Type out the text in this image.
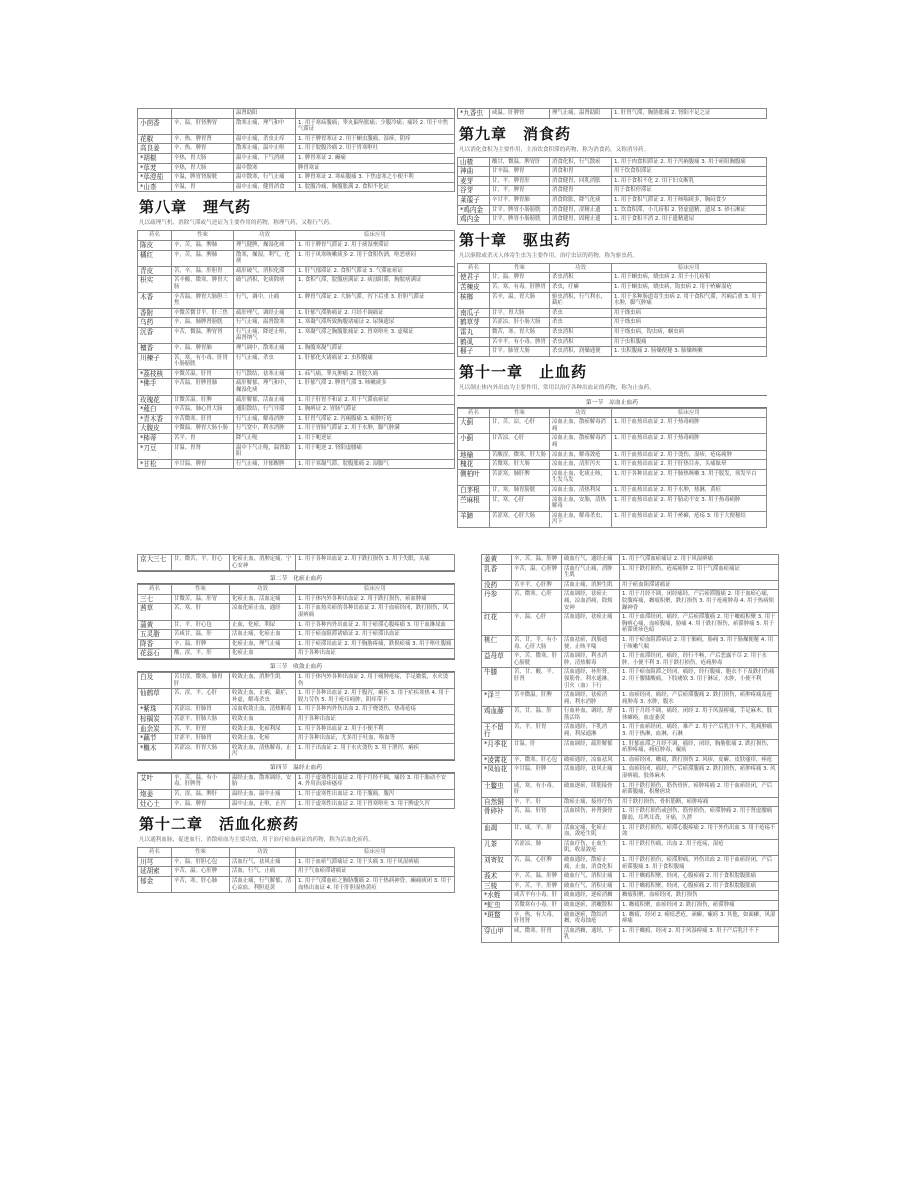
		温肾助阳	
小茴香	辛，温。肝肾脾胃	散寒止痛，理气和中	1. 用于寒疝腹痛；睾丸偏坠胀痛；少腹冷痛；痛经 2. 用于中焦气滞证
花椒	辛，热。脾胃肾	温中止痛，杀虫止痒	1. 用于脾胃寒证 2. 用于蛔虫腹痛，湿疹，阴痒
高良姜	辛，热。脾胃	散寒止痛，温中止呕	1. 用于脘腹冷痛 2. 用于胃寒呕吐
*胡椒	辛热，胃大肠	温中止痛，下气消痰	1. 脾胃寒证 2. 癫痫
*荜茇	辛热，胃大肠	温中散寒	脾胃寒证
*荜澄茄	辛温，脾胃肾膀胱	温中散寒，行气止痛	1. 脾胃寒证 2. 寒疝腹痛 3. 下焦虚寒之小便不利
*山柰	辛温，胃	温中止痛，健胃消食	1. 脘腹冷痛，胸腹胀满 2. 食积不化证
第八章　理气药
凡以疏理气机、消除气滞或气逆证为主要作用的药物，称理气药，又称行气药。
药名	性味	功效	临床应用
陈皮	辛，苦，温。脾肺	理气健脾，燥湿化痰	1. 用于脾胃气滞证 2. 用于痰湿壅滞证
橘红	辛，苦，温。脾肺	散寒，燥湿，利气，化痰	1. 用于风寒咳嗽痰多 2. 用于食积伤酒，呕恶痞闷
青皮	苦，辛，温。肝胆胃	疏肝破气，消积化滞	1. 肝气郁滞证 2. 食积气滞证 3. 气滞血瘀证
枳实	苦辛酸，微寒。脾胃大肠	破气消积，化痰除痞	1. 食积气滞，脘腹痞满证 2. 痰浊阻滞，胸脘痞满证
木香	辛苦温。脾胃大肠胆三焦	行气，调中，止痛	1. 脾胃气滞证 2. 大肠气滞，泻下后重 3. 肝胆气滞证
香附	辛微苦微甘平。肝三焦	疏肝理气，调经止痛	1. 肝郁气滞胁痛证 2. 月经不调痛证
乌药	辛，温。肺脾肾膀胱	行气止痛，温肾散寒	1. 寒凝气滞所致胸腹诸痛证 2. 尿频遗尿
沉香	辛苦，微温。脾胃肾	行气止痛，降逆止呕，温肾纳气	1. 寒凝气滞之胸腹胀痛证 2. 胃寒呕吐 3. 虚喘证
檀香	辛，温。脾胃肺	理气调中，散寒止痛	1. 胸腹寒凝气滞证
川楝子	苦，寒。有小毒。肝胃小肠膀胱	行气止痛，杀虫	1. 肝郁化火诸痛证 2. 虫积腹痛
*荔枝核	辛微苦温。肝胃	行气散结，祛寒止痛	1. 疝气痛，睾丸肿痛 2. 胃脘久痛
*佛手	辛苦温。肝脾胃肺	疏肝解郁，理气和中，燥湿化痰	1. 肝郁气滞 2. 脾胃气滞 3. 咳嗽痰多
玫瑰花	甘微苦温。肝脾	疏肝解郁，活血止痛	1. 用于肝胃不和证 2. 用于气滞血瘀证
*薤白	辛苦温。肺心胃大肠	通阳散结，行气导滞	1. 胸痹证 2. 胃肠气滞证
*青木香	辛苦微寒。肝胃	行气止痛，解毒消肿	1. 肝胃气滞证 2. 泻痢腹痛 3. 痈肿疔疮
大腹皮	辛微温。脾胃大肠小肠	行气宽中，利水消肿	1. 用于胃肠气滞证 2. 用于水肿，脚气肿满
*柿蒂	苦平。胃	降气止呃	1. 用于呃逆证
*刀豆	甘温。胃肾	温中下气止呃，温肾助阳	1. 用于呃逆 2. 肾阳虚腰痛
*甘松	辛甘温。脾胃	行气止痛，开郁醒脾	1. 用于寒凝气滞，脘腹胀痛 2. 湿脚气
*九香虫	咸温。肝脾肾	理气止痛，温肾助阳	1. 肝胃气滞，胸胁胀痛 2. 肾阳不足之证
第九章　消食药
凡以消化食积为主要作用，主治饮食积滞的药物，称为消食药，又称消导药。
山楂	酸甘，微温。脾胃肝	消食化积，行气散瘀	1. 用于肉食积滞证 2. 用于泻痢腹痛 3. 用于瘀阻胸腹痛
神曲	甘辛温。脾胃	消食和胃	用于饮食积滞证
麦芽	甘，平。脾胃肝	消食健胃，回乳消胀	1. 用于食积不化 2. 用于妇女断乳
谷芽	甘，平。脾胃	消食健胃	用于食积停滞证
莱菔子	辛甘平。脾胃肺	消食除胀，降气化痰	1. 用于食积气滞证 2. 用于咳喘痰多，胸闷食少
*鸡内金	甘平。脾胃小肠膀胱	消食健胃，涩精止遗	1. 饮食积滞，小儿疳积 2. 肾虚遗精，遗尿 3. 砂石淋证
鸡内金	甘平。脾胃小肠膀胱	消食健胃，固精止遗	1. 用于食积不消 2. 用于遗精遗尿
第十章　驱虫药
凡以驱除或杀灭人体寄生虫为主要作用，治疗虫证的药物，称为驱虫药。
药名	性味	功效	临床应用
使君子	甘，温。脾胃	杀虫消积	1. 用于蛔虫病，蛲虫病 2. 用于小儿疳积
苦楝皮	苦，寒。有毒。肝脾胃	杀虫，疗癣	1. 用于蛔虫病，蛲虫病，钩虫病 2. 用于疥癣湿疮
槟榔	苦辛，温。胃大肠	驱虫消积，行气利水，截疟	1. 用于多种肠道寄生虫病 2. 用于食积气滞，泻痢后重 3. 用于水肿，脚气肿痛
南瓜子	甘平。胃大肠	杀虫	用于绦虫病
鹤草芽	苦涩凉。肝小肠大肠	杀虫	用于绦虫病
雷丸	微苦，寒。胃大肠	杀虫消积	用于绦虫病，钩虫病，蛔虫病
鹤虱	苦辛平。有小毒。脾胃	杀虫消积	用于虫积腹痛
榧子	甘平。肺胃大肠	杀虫消积，润燥通便	1. 虫积腹痛 2. 肠燥便秘 3. 肺燥咳嗽
第十一章　止血药
凡以制止体内外出血为主要作用，常用以治疗各种出血证的药物，称为止血药。
第一节　凉血止血药
药名	性味	功效	临床应用
大蓟	甘，苦，凉。心肝	凉血止血，散瘀解毒消痈	1. 用于血热出血证 2. 用于热毒痈肿
小蓟	甘苦凉。心肝	凉血止血，散瘀解毒消痈	1. 用于血热出血证 2. 用于热毒痈肿
地榆	苦酸涩，微寒。肝大肠	凉血止血，解毒敛疮	1. 用于血热出血证 2. 用于烫伤，湿疹，疮疡痈肿
槐花	苦微寒。肝大肠	凉血止血，清肝泻火	1. 用于血热出血证 2. 用于肝热目赤，头痛眩晕
侧柏叶	苦涩寒。肺肝脾	凉血止血，化痰止咳，生发乌发	1. 用于各种出血证 2. 用于肺热咳嗽 3. 用于脱发，须发早白
白茅根	甘，寒。肺胃膀胱	凉血止血，清热利尿	1. 用于血热出血证 2. 用于水肿，热淋，黄疸
苎麻根	甘，寒。心肝	凉血止血，安胎，清热解毒	1. 用于血热出血证 2. 用于胎动不安 3. 用于热毒痈肿
羊蹄	苦涩寒。心肝大肠	凉血止血，解毒杀虫，泻下	1. 用于血热出血证 2. 用于疥癣，疮疡 3. 用于大便秘结
京大三七	甘，微苦，平。肝心	化瘀止血，消肿定痛，宁心安神	1. 用于各种出血证 2. 用于跌打损伤 3. 用于失眠，头痛
第二节　化瘀止血药
药名	性味	功效	临床应用
三七	甘微苦，温。肝胃	化瘀止血，活血定痛	1. 用于体内外各种出血证 2. 用于跌打损伤，瘀血肿痛
茜草	苦，寒。肝	凉血化瘀止血，通经	1. 用于血热夹瘀的各种出血证 2. 用于血瘀经闭，跌打损伤，风湿痹痛
蒲黄	甘，平。肝心包	止血，化瘀，利尿	1. 用于各种内外出血证 2. 用于瘀滞心腹疼痛 3. 用于血淋尿血
五灵脂	苦咸甘，温。肝	活血止痛，化瘀止血	1. 用于瘀血阻滞诸痛证 2. 用于瘀滞出血证
降香	辛，温。肝脾	化瘀止血，理气止痛	1. 用于瘀滞出血证 2. 用于胸胁疼痛，跌损瘀痛 3. 用于呕吐腹痛
花蕊石	酸，涩，平。肝	化瘀止血	用于各种出血证
第三节　收敛止血药
白及	苦甘涩，微寒。肺胃肝	收敛止血，消肿生肌	1. 用于体内外各种出血证 2. 用于痈肿疮疡，手足皲裂，水火烫伤
仙鹤草	苦，涩，平。心肝	收敛止血，止痢，截疟，补虚，解毒杀虫	1. 用于各种出血证 2. 用于腹泻，痢疾 3. 用于疟疾寒热 4. 用于脱力劳伤 5. 用于疮疖痈肿，阴痒带下
*紫珠	苦涩凉。肝肺胃	凉血收敛止血，清热解毒	1. 用于各种内外伤出血 2. 用于烧烫伤，热毒疮疡
棕榈炭	苦涩平。肝肺大肠	收敛止血	用于各种出血证
血余炭	苦，平。肝胃	收敛止血，化瘀利尿	1. 用于各种出血证 2. 用于小便不利
*藕节	甘涩平。肝肺胃	收敛止血，化瘀	用于各种出血证，尤多用于吐血，咯血等
*檵木	苦涩凉。肝胃大肠	收敛止血，清热解毒，止泻	1. 用于出血证 2. 用于水火烫伤 3. 用于泄泻，痢疾
第四节　温经止血药
艾叶	辛，苦，温。有小毒。肝脾肾	温经止血，散寒调经，安胎	1. 用于虚寒性出血证 2. 用于月经不调，痛经 3. 用于胎动不安 4. 外用治湿疹瘙痒
炮姜	苦，涩，温。脾肝	温经止血，温中止痛	1. 用于虚寒性出血证 2. 用于腹痛，腹泻
灶心土	辛，温。脾胃	温中止血，止呕，止泻	1. 用于虚寒性出血证 2. 用于胃寒呕吐 3. 用于脾虚久泻
第十二章　活血化瘀药
凡以通利血脉，促进血行，消散瘀血为主要功效，用于治疗瘀血病证的药物，称为活血化瘀药。
药名	性味	功效	临床应用
川芎	辛，温。肝胆心包	活血行气，祛风止痛	1. 用于血瘀气滞痛证 2. 用于头痛 3. 用于风湿痹痛
延胡索	辛苦，温。心肝脾	活血，行气，止痛	用于气血瘀滞诸痛证
郁金	辛苦，寒。肝心肺	活血止痛，行气解郁，清心凉血，利胆退黄	1. 用于气滞血瘀之胸胁腹痛 2. 用于热病神昏，癫痫痰闭 3. 用于血热出血证 4. 用于肝胆湿热黄疸
姜黄	辛，苦，温。肝脾	破血行气，通经止痛	1. 用于气滞血瘀痛证 2. 用于风湿痹痛
乳香	辛苦，温。心肝脾	活血行气止痛，消肿生肌	1. 用于跌打损伤，疮疡痈肿 2. 用于气滞血瘀痛证
没药	苦辛平。心肝脾	活血止痛，消肿生肌	用于瘀血阻滞诸痛证
丹参	苦，微寒。心肝	活血调经，祛瘀止痛，凉血消痈，除烦安神	1. 用于月经不调，闭经痛经，产后瘀滞腹痛 2. 用于血瘀心痛，脘腹疼痛，癥瘕积聚，跌打损伤 3. 用于疮痈肿毒 4. 用于热病烦躁神昏
红花	辛，温。心肝	活血通经，祛瘀止痛	1. 用于血滞经闭，痛经，产后瘀滞腹痛 2. 用于癥瘕积聚 3. 用于胸痹心痛，血瘀腹痛，胁痛 4. 用于跌打损伤，瘀滞肿痛 5. 用于瘀滞斑疹色暗
桃仁	苦，甘，平。有小毒。心肝大肠	活血祛瘀，润肠通便，止咳平喘	1. 用于瘀血阻滞病证 2. 用于肺痈，肠痈 3. 用于肠燥便秘 4. 用于咳嗽气喘
益母草	辛，苦，微寒。肝心膀胱	活血调经，利水消肿，清热解毒	1. 用于血滞经闭，痛经，经行不畅，产后恶露不尽 2. 用于水肿，小便不利 3. 用于跌打损伤，疮痈肿毒
牛膝	苦，甘，酸，平。肝肾	活血通经，补肝肾，强筋骨，利水通淋，引火（血）下行	1. 用于瘀血阻滞之经闭，痛经，经行腹痛，胞衣不下及跌打伤痛 2. 用于腰膝酸痛，下肢痿软 3. 用于淋证，水肿，小便不利
*泽兰	苦辛微温。肝脾	活血调经，祛瘀消痈，利水消肿	1. 血瘀经闭，痛经，产后瘀滞腹痛 2. 跌打损伤，瘀肿疼痛及疮痈肿毒 3. 水肿，腹水
鸡血藤	苦，甘，温。肝	行血补血，调经，舒筋活络	1. 用于月经不调，痛经，闭经 2. 用于风湿痹痛，手足麻木，肢体瘫痪，血虚萎黄
王不留行	苦，平。肝胃	活血通经，下乳消痈，利尿通淋	1. 用于血瘀经闭，痛经，难产 2. 用于产后乳汁不下，乳痈肿痛 3. 用于热淋，血淋，石淋
*月季花	甘温。肝	活血调经，疏肝解郁	1. 肝郁血滞之月经不调，痛经，闭经，胸胁胀痛 2. 跌打损伤，瘀肿疼痛，痈疽肿毒，瘰疬
*凌霄花	辛，微寒。肝心包	破瘀通经，凉血祛风	1. 血瘀经闭，癥瘕，跌打损伤 2. 风疹，皮癣，皮肤瘙痒，痤疮
*凤仙花	辛甘温。肝脾	活血通经，祛风止痛	1. 血瘀经闭，痛经，产后瘀滞腹痛 2. 跌打损伤，瘀肿疼痛 3. 风湿痹痛，肢体麻木
土鳖虫	咸，寒。有小毒。肝	破血逐瘀，续筋接骨	1. 用于跌打损伤，筋伤骨折，瘀肿疼痛 2. 用于血瘀经闭，产后瘀滞腹痛，积聚痞块
自然铜	辛，平。肝	散瘀止痛，接骨疗伤	用于跌打损伤，骨折筋断，瘀肿疼痛
骨碎补	苦，温。肝肾	活血续伤，补肾强骨	1. 用于跌打损伤或创伤，筋骨损伤，瘀滞肿痛 2. 用于肾虚腰痛脚弱，耳鸣耳聋，牙痛，久泄
血竭	甘，咸，平。肝	活血定痛，化瘀止血，敛疮生肌	1. 用于跌打损伤，瘀滞心腹疼痛 2. 用于外伤出血 3. 用于疮疡不敛
儿茶	苦涩凉。肺	活血疗伤，止血生肌，收湿敛疮	1. 用于跌打伤痛，出血 2. 用于疮疡，湿疮
刘寄奴	苦，温。心肝脾	破血通经，散瘀止痛，止血，消食化积	1. 用于跌打损伤，瘀滞肿痛，外伤出血 2. 用于血瘀经闭，产后瘀滞腹痛 3. 用于食积腹痛
莪术	辛，苦，温。肝脾	破血行气，消积止痛	1. 用于癥瘕积聚，经闭，心腹瘀痛 2. 用于食积脘腹胀痛
三棱	辛，苦，平。肝脾	破血行气，消积止痛	1. 用于癥瘕积聚，经闭，心腹瘀痛 2. 用于食积脘腹胀痛
*水蛭	咸苦平有小毒。肝	破血通经，逐瘀消癥	癥瘕积聚，血瘀经闭，跌打损伤
*虻虫	苦微寒有小毒。肝	破血逐瘀，消癥散积	1. 癥瘕积聚，血瘀经闭 2. 跌打损伤，瘀滞肿痛
*斑蝥	辛，热，有大毒。肝胃肾	破血逐瘀，散结消癥，攻毒蚀疮	1. 癥瘕，经闭 2. 痈疽恶疮，顽癣，瘰疬 3. 其他，如面瘫，风湿痹痛
穿山甲	咸，微寒。肝胃	活血消癥，通经，下乳	1. 用于癥瘕，经闭 2. 用于风湿痹痛 3. 用于产后乳汁不下
